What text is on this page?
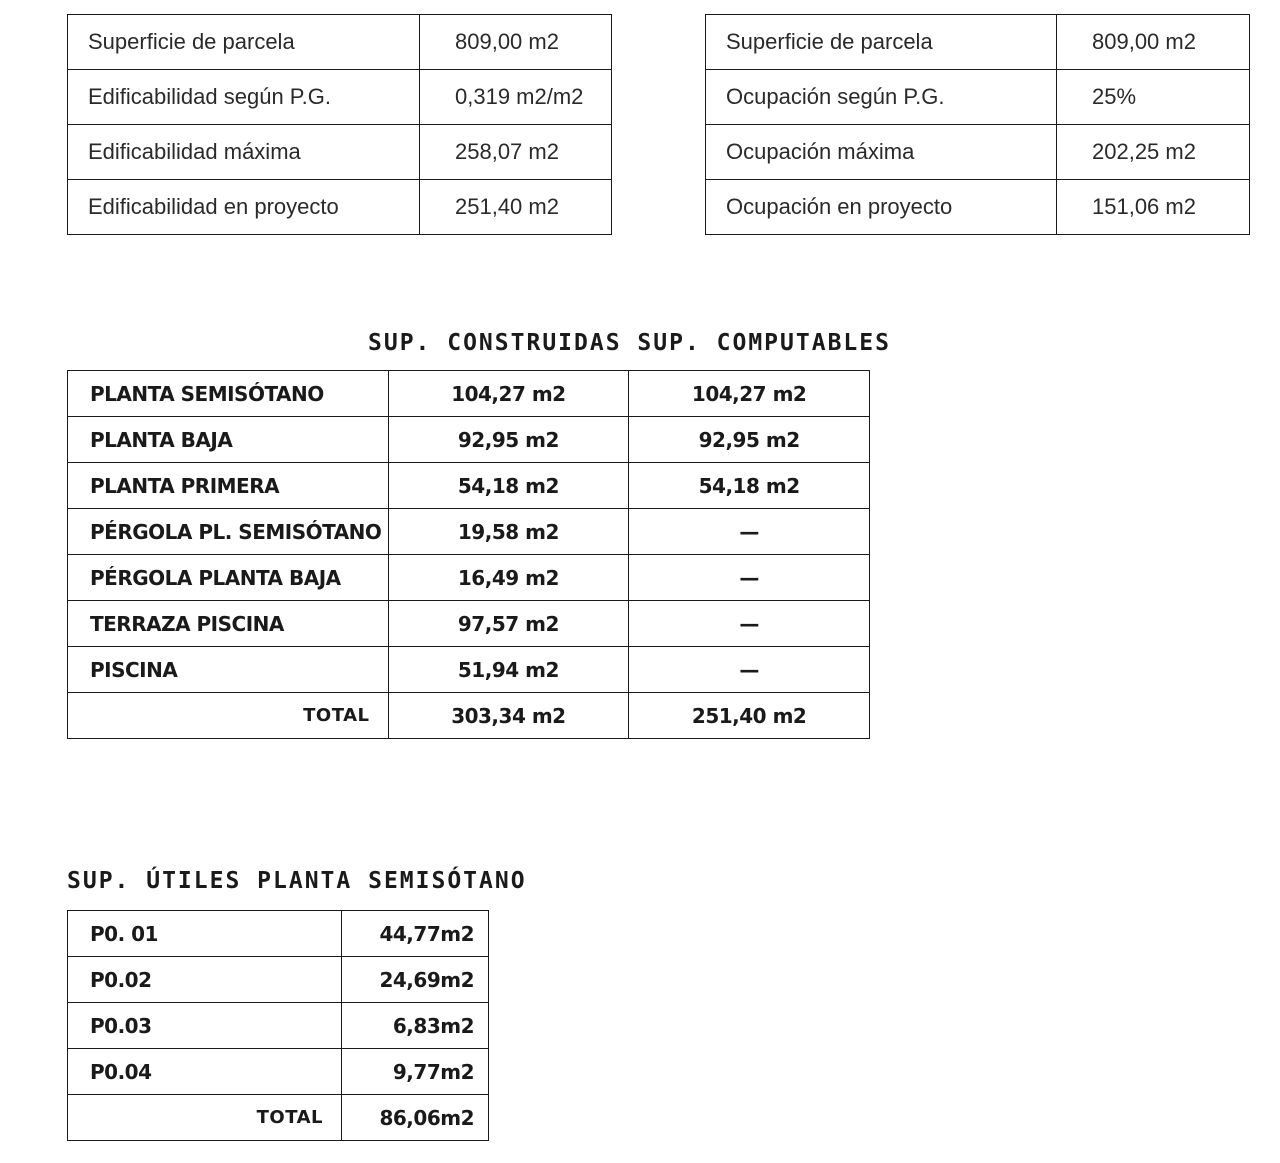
Superficie de parcela	809,00 m2
Edificabilidad según P.G.	0,319 m2/m2
Edificabilidad máxima	258,07 m2
Edificabilidad en proyecto	251,40 m2
Superficie de parcela	809,00 m2
Ocupación según P.G.	25%
Ocupación máxima	202,25 m2
Ocupación en proyecto	151,06 m2
SUP. CONSTRUIDAS SUP. COMPUTABLES
PLANTA SEMISÓTANO	104,27 m2	104,27 m2
PLANTA BAJA	92,95 m2	92,95 m2
PLANTA PRIMERA	54,18 m2	54,18 m2
PÉRGOLA PL. SEMISÓTANO	19,58 m2	—
PÉRGOLA PLANTA BAJA	16,49 m2	—
TERRAZA PISCINA	97,57 m2	—
PISCINA	51,94 m2	—
TOTAL	303,34 m2	251,40 m2
SUP. ÚTILES PLANTA SEMISÓTANO
P0. 01	44,77m2
P0.02	24,69m2
P0.03	6,83m2
P0.04	9,77m2
TOTAL	86,06m2
